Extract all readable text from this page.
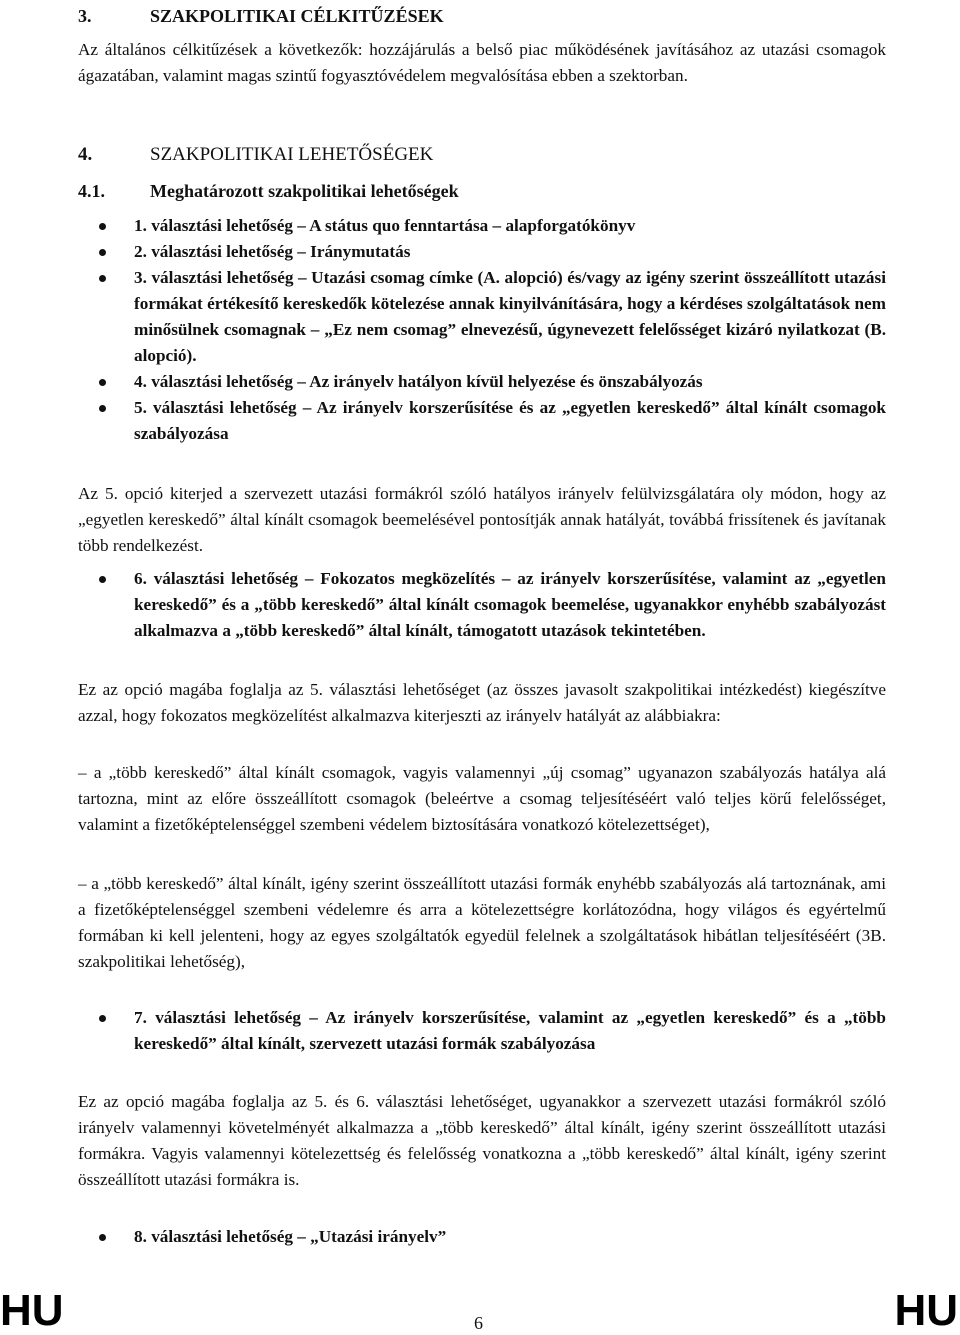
3.	SZAKPOLITIKAI CÉLKITŰZÉSEK

Az általános célkitűzések a következők: hozzájárulás a belső piac működésének javításához az utazási csomagok ágazatában, valamint magas szintű fogyasztóvédelem megvalósítása ebben a szektorban.

4.	SZAKPOLITIKAI LEHETŐSÉGEK
4.1.	Meghatározott szakpolitikai lehetőségek
1. választási lehetőség – A státus quo fenntartása – alapforgatókönyv
2. választási lehetőség – Iránymutatás
3. választási lehetőség – Utazási csomag címke (A. alopció) és/vagy az igény szerint összeállított utazási formákat értékesítő kereskedők kötelezése annak kinyilvánítására, hogy a kérdéses szolgáltatások nem minősülnek csomagnak – „Ez nem csomag” elnevezésű, úgynevezett felelősséget kizáró nyilatkozat (B. alopció).
4. választási lehetőség – Az irányelv hatályon kívül helyezése és önszabályozás
5. választási lehetőség – Az irányelv korszerűsítése és az „egyetlen kereskedő” által kínált csomagok szabályozása

Az 5. opció kiterjed a szervezett utazási formákról szóló hatályos irányelv felülvizsgálatára oly módon, hogy az „egyetlen kereskedő” által kínált csomagok beemelésével pontosítják annak hatályát, továbbá frissítenek és javítanak több rendelkezést.

6. választási lehetőség – Fokozatos megközelítés – az irányelv korszerűsítése, valamint az „egyetlen kereskedő” és a „több kereskedő” által kínált csomagok beemelése, ugyanakkor enyhébb szabályozást alkalmazva a „több kereskedő” által kínált, támogatott utazások tekintetében.

Ez az opció magába foglalja az 5. választási lehetőséget (az összes javasolt szakpolitikai intézkedést) kiegészítve azzal, hogy fokozatos megközelítést alkalmazva kiterjeszti az irányelv hatályát az alábbiakra:

– a „több kereskedő” által kínált csomagok, vagyis valamennyi „új csomag” ugyanazon szabályozás hatálya alá tartozna, mint az előre összeállított csomagok (beleértve a csomag teljesítéséért való teljes körű felelősséget, valamint a fizetőképtelenséggel szembeni védelem biztosítására vonatkozó kötelezettséget),

– a „több kereskedő” által kínált, igény szerint összeállított utazási formák enyhébb szabályozás alá tartoznának, ami a fizetőképtelenséggel szembeni védelemre és arra a kötelezettségre korlátozódna, hogy világos és egyértelmű formában ki kell jelenteni, hogy az egyes szolgáltatók egyedül felelnek a szolgáltatások hibátlan teljesítéséért (3B. szakpolitikai lehetőség),

7. választási lehetőség – Az irányelv korszerűsítése, valamint az „egyetlen kereskedő” és a „több kereskedő” által kínált, szervezett utazási formák szabályozása

Ez az opció magába foglalja az 5. és 6. választási lehetőséget, ugyanakkor a szervezett utazási formákról szóló irányelv valamennyi követelményét alkalmazza a „több kereskedő” által kínált, igény szerint összeállított utazási formákra. Vagyis valamennyi kötelezettség és felelősség vonatkozna a „több kereskedő” által kínált, igény szerint összeállított utazási formákra is.

8. választási lehetőség – „Utazási irányelv”
HU	6	HU
